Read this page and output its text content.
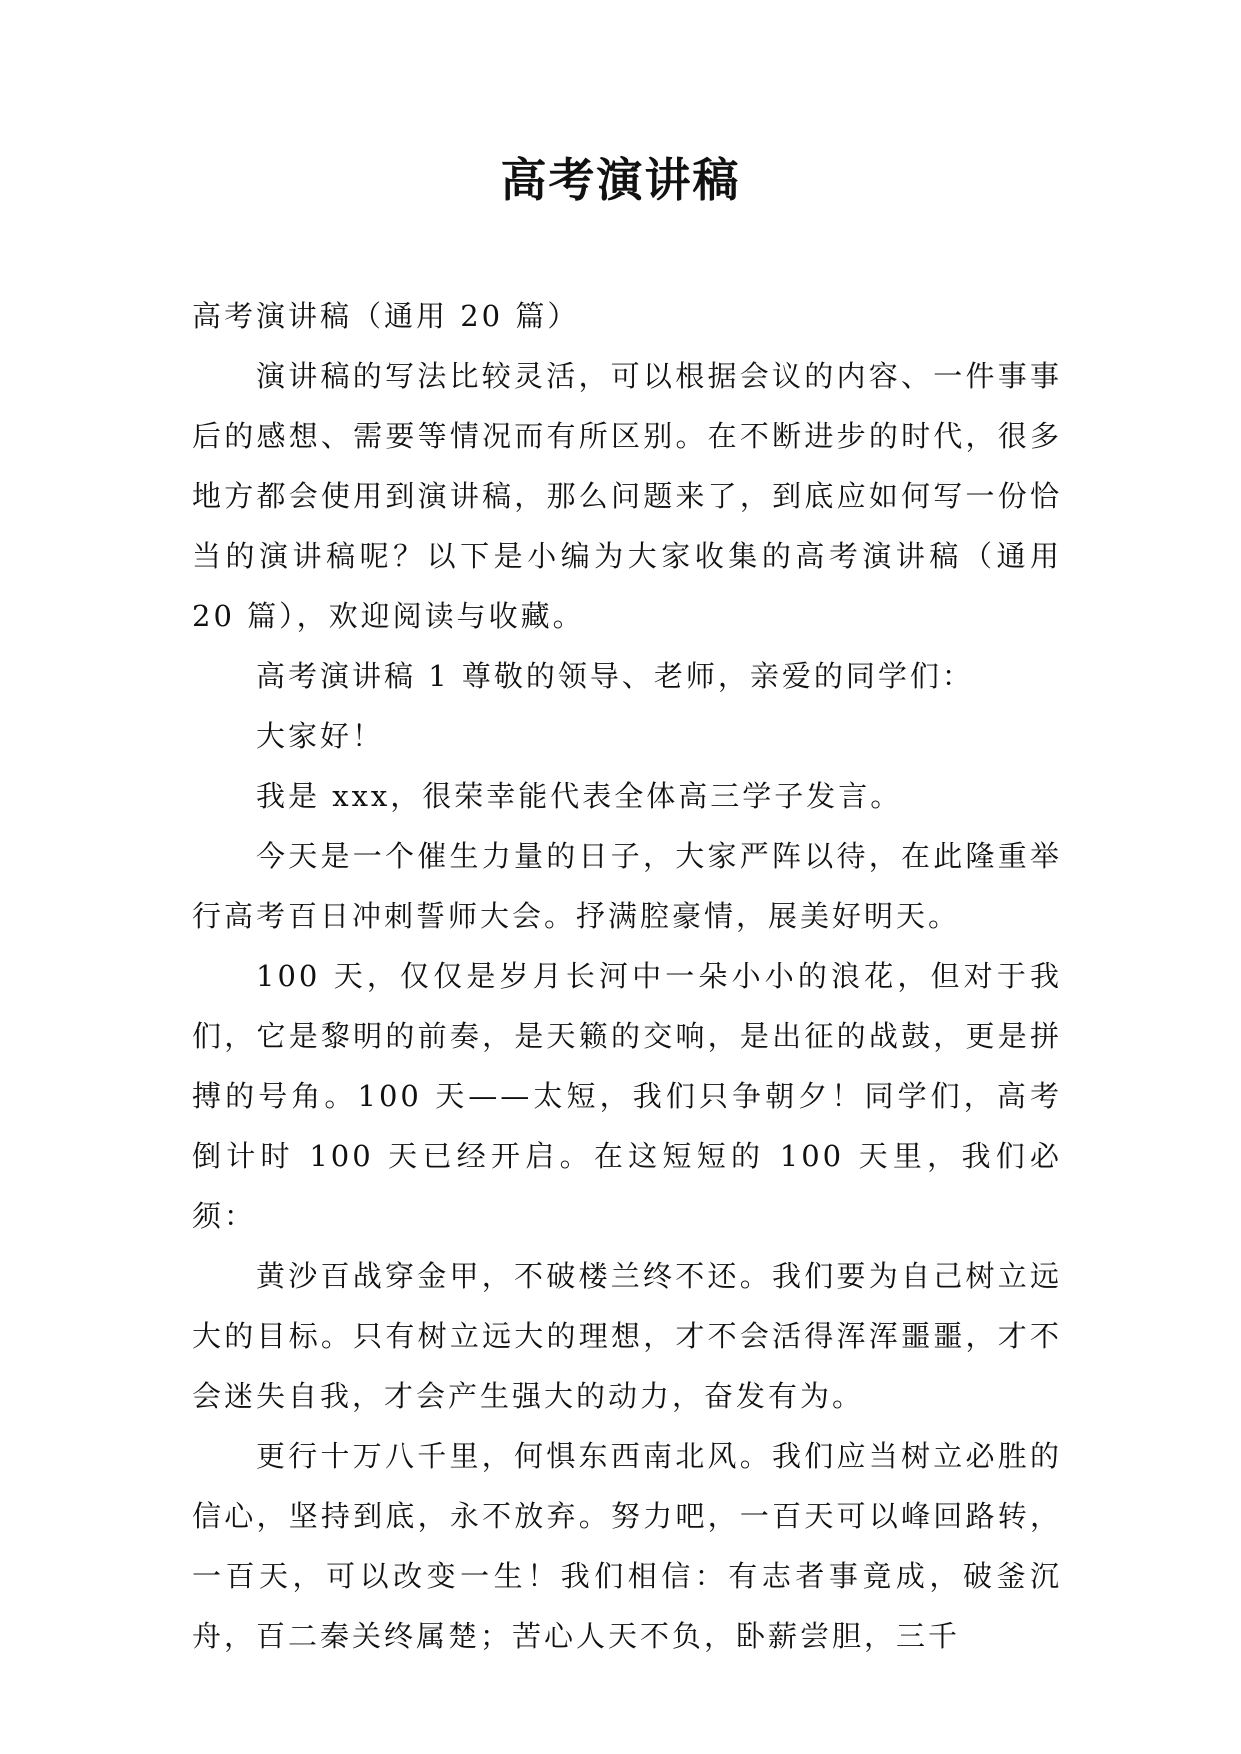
高考演讲稿

高考演讲稿（通用 20 篇）

演讲稿的写法比较灵活，可以根据会议的内容、一件事事后的感想、需要等情况而有所区别。在不断进步的时代，很多地方都会使用到演讲稿，那么问题来了，到底应如何写一份恰当的演讲稿呢？以下是小编为大家收集的高考演讲稿（通用 20 篇），欢迎阅读与收藏。

高考演讲稿 1 尊敬的领导、老师，亲爱的同学们：

大家好！

我是 xxx，很荣幸能代表全体高三学子发言。

今天是一个催生力量的日子，大家严阵以待，在此隆重举行高考百日冲刺誓师大会。抒满腔豪情，展美好明天。

100 天，仅仅是岁月长河中一朵小小的浪花，但对于我们，它是黎明的前奏，是天籁的交响，是出征的战鼓，更是拼搏的号角。100 天——太短，我们只争朝夕！同学们，高考倒计时 100 天已经开启。在这短短的 100 天里，我们必须：

黄沙百战穿金甲，不破楼兰终不还。我们要为自己树立远大的目标。只有树立远大的理想，才不会活得浑浑噩噩，才不会迷失自我，才会产生强大的动力，奋发有为。

更行十万八千里，何惧东西南北风。我们应当树立必胜的信心，坚持到底，永不放弃。努力吧，一百天可以峰回路转，一百天，可以改变一生！我们相信：有志者事竟成，破釜沉舟，百二秦关终属楚；苦心人天不负，卧薪尝胆，三千
